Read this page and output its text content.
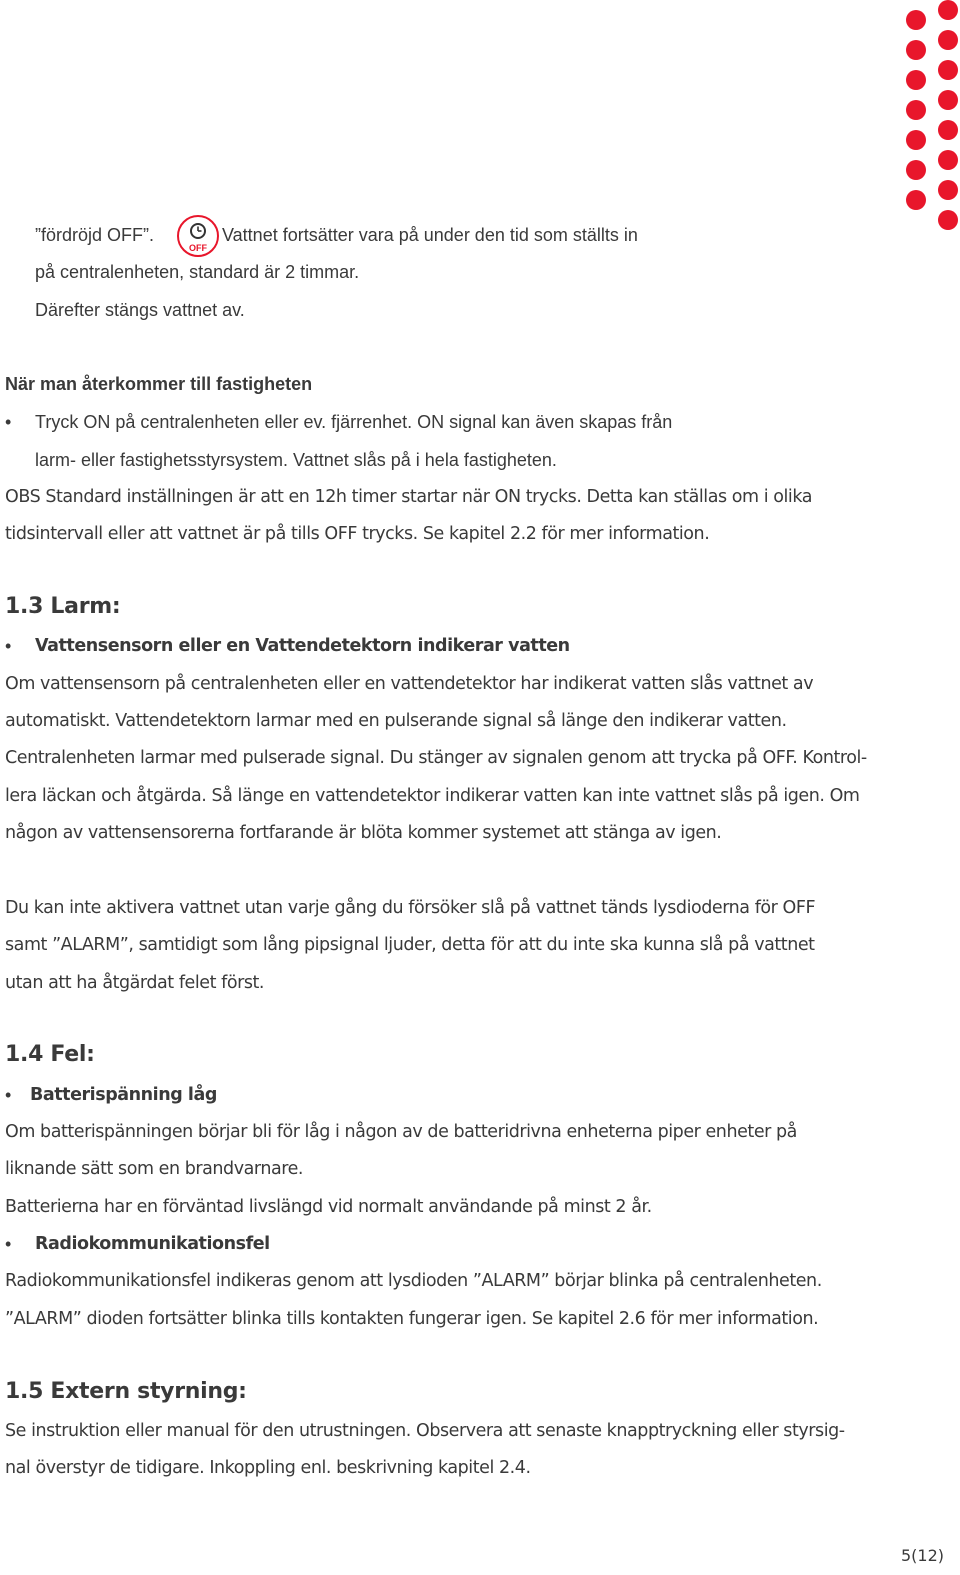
”fördröjd OFF”.
OFF
Vattnet fortsätter vara på under den tid som ställts in
på centralenheten, standard är 2 timmar.
Därefter stängs vattnet av.
När man återkommer till fastigheten
• Tryck ON på centralenheten eller ev. fjärrenhet. ON signal kan även skapas från
larm- eller fastighetsstyrsystem. Vattnet slås på i hela fastigheten.
OBS Standard inställningen är att en 12h timer startar när ON trycks. Detta kan ställas om i olika
tidsintervall eller att vattnet är på tills OFF trycks. Se kapitel 2.2 för mer information.
1.3 Larm:
• Vattensensorn eller en Vattendetektorn indikerar vatten
Om vattensensorn på centralenheten eller en vattendetektor har indikerat vatten slås vattnet av
automatiskt. Vattendetektorn larmar med en pulserande signal så länge den indikerar vatten.
Centralenheten larmar med pulserade signal. Du stänger av signalen genom att trycka på OFF. Kontrol-
lera läckan och åtgärda. Så länge en vattendetektor indikerar vatten kan inte vattnet slås på igen. Om
någon av vattensensorerna fortfarande är blöta kommer systemet att stänga av igen.
Du kan inte aktivera vattnet utan varje gång du försöker slå på vattnet tänds lysdioderna för OFF
samt ”ALARM”, samtidigt som lång pipsignal ljuder, detta för att du inte ska kunna slå på vattnet
utan att ha åtgärdat felet först.
1.4 Fel:
• Batterispänning låg
Om batterispänningen börjar bli för låg i någon av de batteridrivna enheterna piper enheter på
liknande sätt som en brandvarnare.
Batterierna har en förväntad livslängd vid normalt användande på minst 2 år.
• Radiokommunikationsfel
Radiokommunikationsfel indikeras genom att lysdioden ”ALARM” börjar blinka på centralenheten.
”ALARM” dioden fortsätter blinka tills kontakten fungerar igen. Se kapitel 2.6 för mer information.
1.5 Extern styrning:
Se instruktion eller manual för den utrustningen. Observera att senaste knapptryckning eller styrsig-
nal överstyr de tidigare. Inkoppling enl. beskrivning kapitel 2.4.
5(12)
